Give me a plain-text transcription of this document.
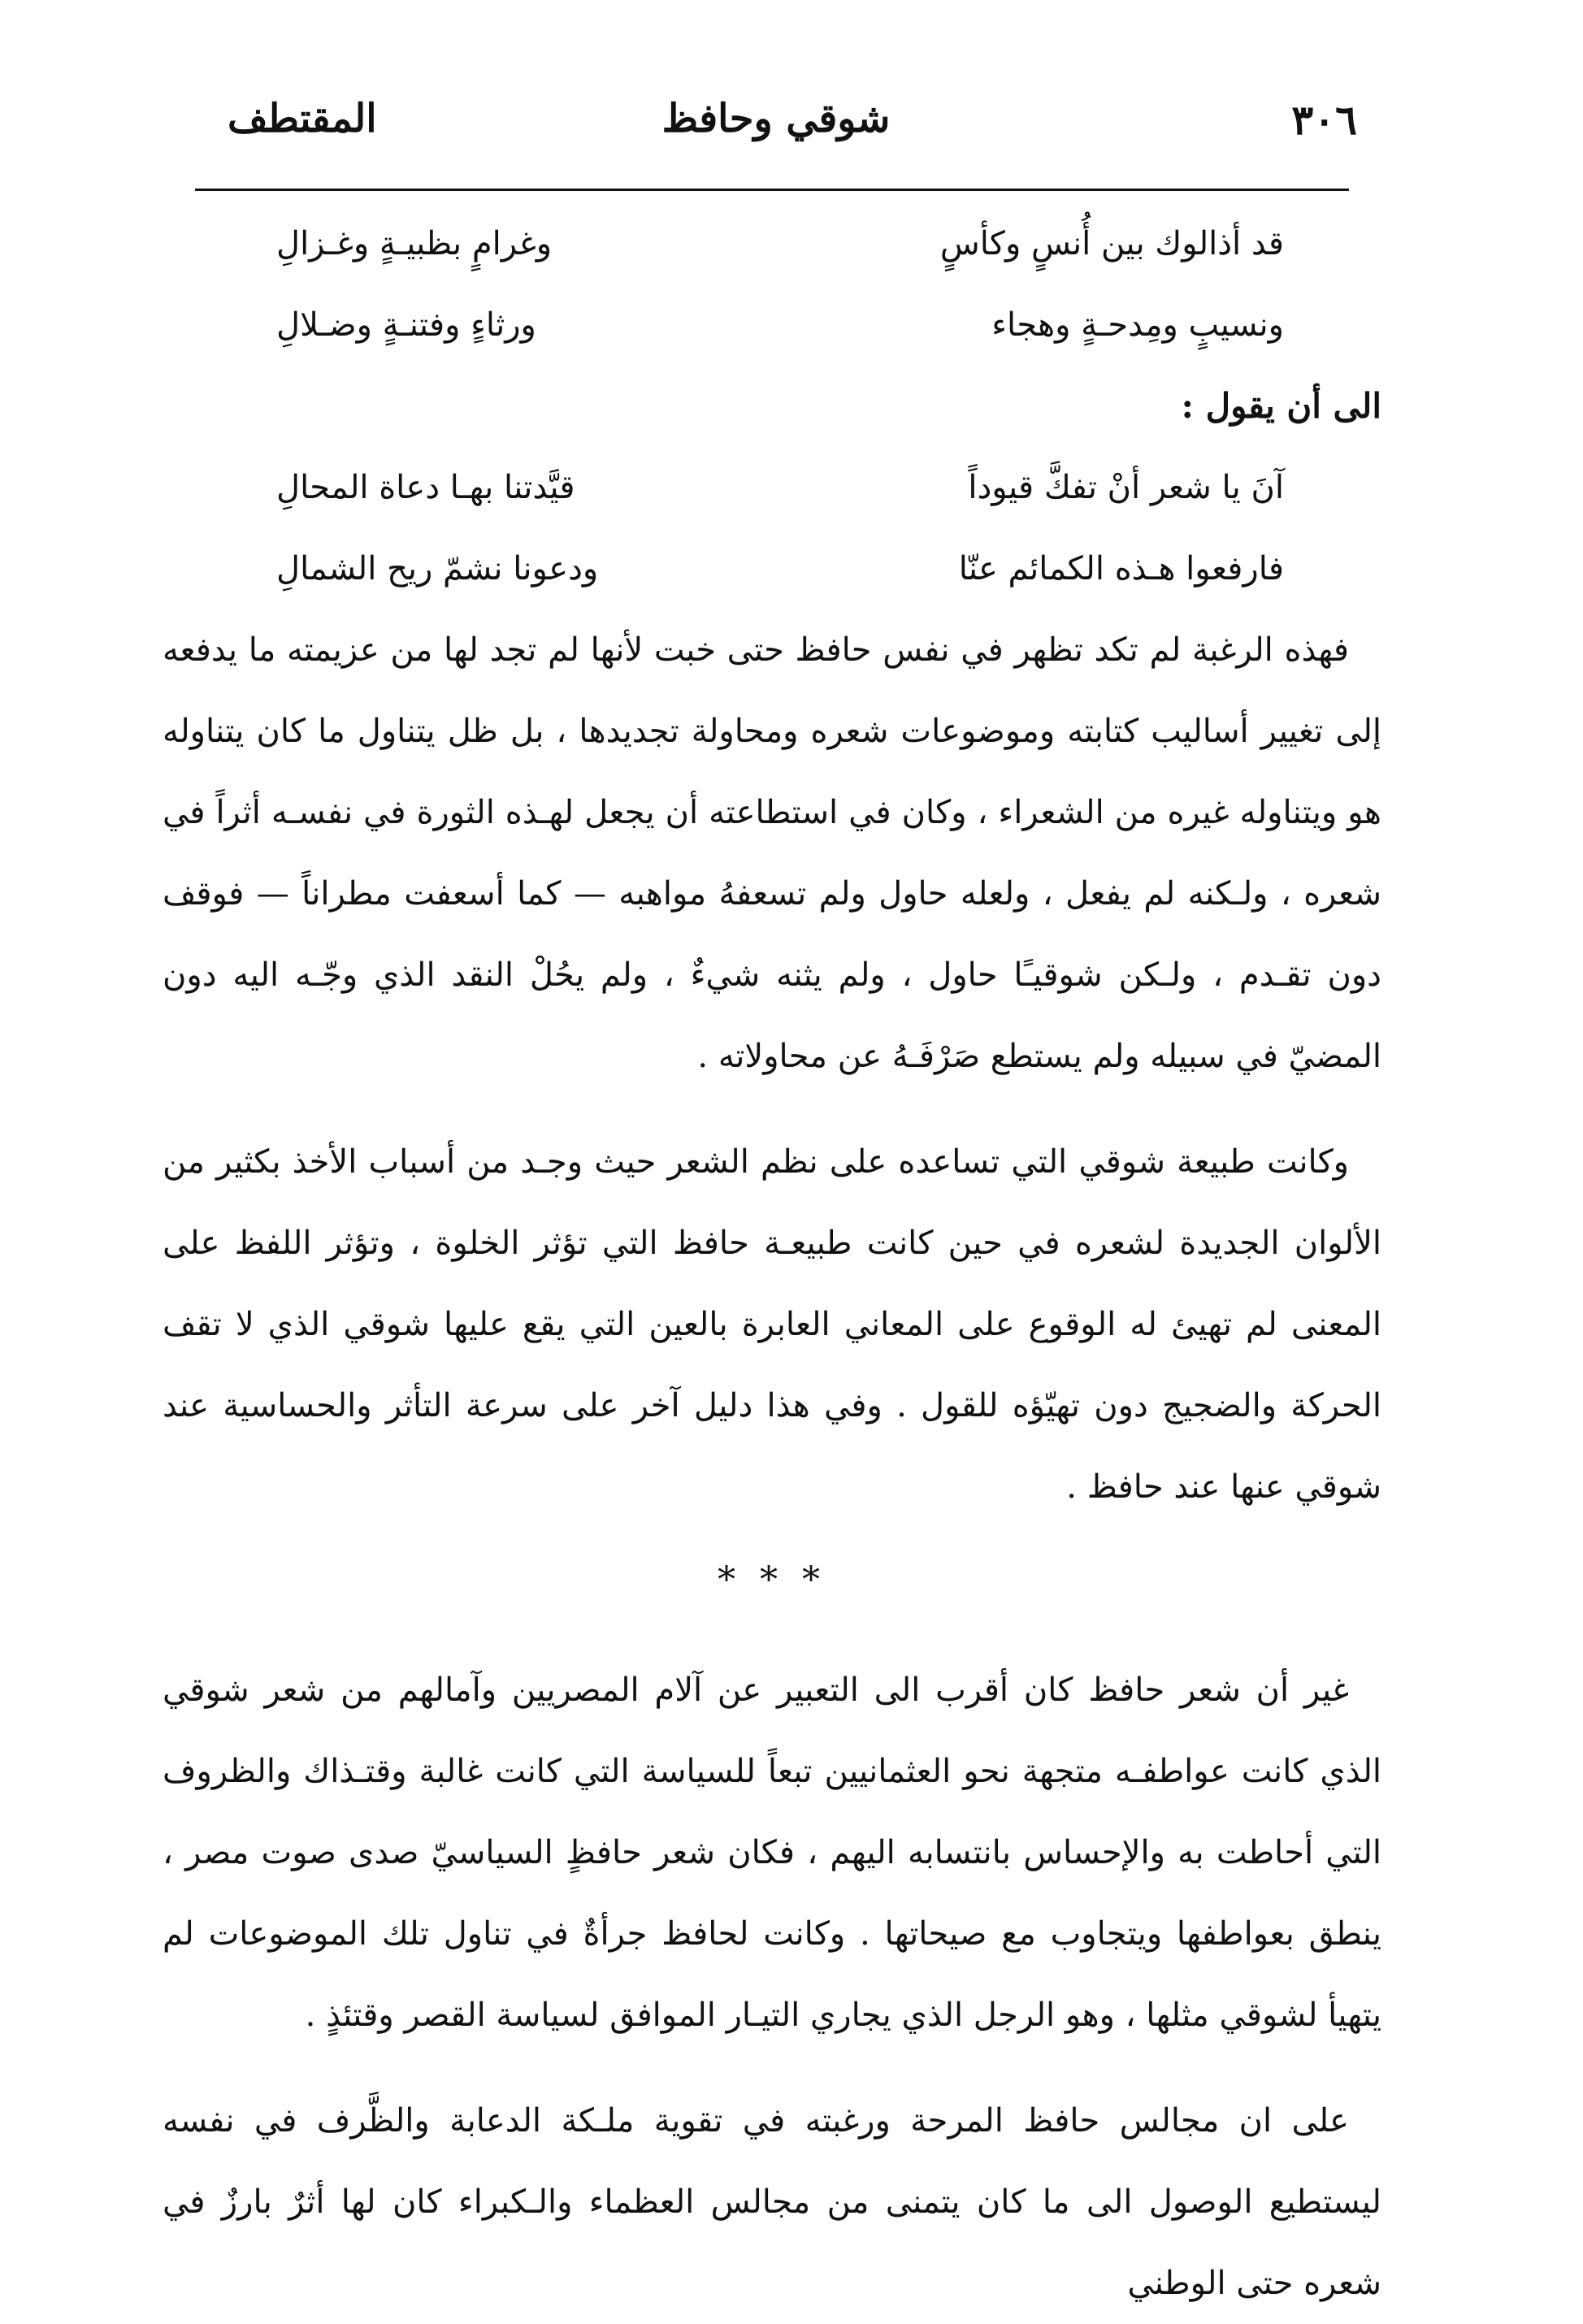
٣٠٦
شوقي وحافظ
المقتطف
قد أذالوك بين أُنسٍ وكأسٍ
وغرامٍ بظبيـةٍ وغـزالِ
ونسيبٍ ومِدحـةٍ وهجاء
ورثاءٍ وفتنـةٍ وضـلالِ
الى أن يقول :
آنَ يا شعر أنْ تفكَّ قيوداً
قيَّدتنا بهـا دعاة المحالِ
فارفعوا هـذه الكمائم عنّا
ودعونا نشمّ ريح الشمالِ

فهذه الرغبة لم تكد تظهر في نفس حافظ حتى خبت لأنها لم تجد لها من عزيمته ما يدفعه إلى تغيير أساليب كتابته وموضوعات شعره ومحاولة تجديدها ، بل ظل يتناول ما كان يتناوله هو ويتناوله غيره من الشعراء ، وكان في استطاعته أن يجعل لهـذه الثورة في نفسـه أثراً في شعره ، ولـكنه لم يفعل ، ولعله حاول ولم تسعفهُ مواهبه — كما أسعفت مطراناً — فوقف دون تقـدم ، ولـكن شوقيـًا حاول ، ولم يثنه شيءٌ ، ولم يحُلْ النقد الذي وجّـه اليه دون المضيّ في سبيله ولم يستطع صَرْفَـهُ عن محاولاته .

وكانت طبيعة شوقي التي تساعده على نظم الشعر حيث وجـد من أسباب الأخذ بكثير من الألوان الجديدة لشعره في حين كانت طبيعـة حافظ التي تؤثر الخلوة ، وتؤثر اللفظ على المعنى لم تهيئ له الوقوع على المعاني العابرة بالعين التي يقع عليها شوقي الذي لا تقف الحركة والضجيج دون تهيّؤه للقول . وفي هذا دليل آخر على سرعة التأثر والحساسية عند شوقي عنها عند حافظ .

* * *

غير أن شعر حافظ كان أقرب الى التعبير عن آلام المصريين وآمالهم من شعر شوقي الذي كانت عواطفـه متجهة نحو العثمانيين تبعاً للسياسة التي كانت غالبة وقتـذاك والظروف التي أحاطت به والإحساس بانتسابه اليهم ، فكان شعر حافظٍ السياسيّ صدى صوت مصر ، ينطق بعواطفها ويتجاوب مع صيحاتها . وكانت لحافظ جرأةٌ في تناول تلك الموضوعات لم يتهيأ لشوقي مثلها ، وهو الرجل الذي يجاري التيـار الموافق لسياسة القصر وقتئذٍ .

على ان مجالس حافظ المرحة ورغبته في تقوية ملـكة الدعابة والظَّرف في نفسه ليستطيع الوصول الى ما كان يتمنى من مجالس العظماء والـكبراء كان لها أثرٌ بارزٌ في شعره حتى الوطني
